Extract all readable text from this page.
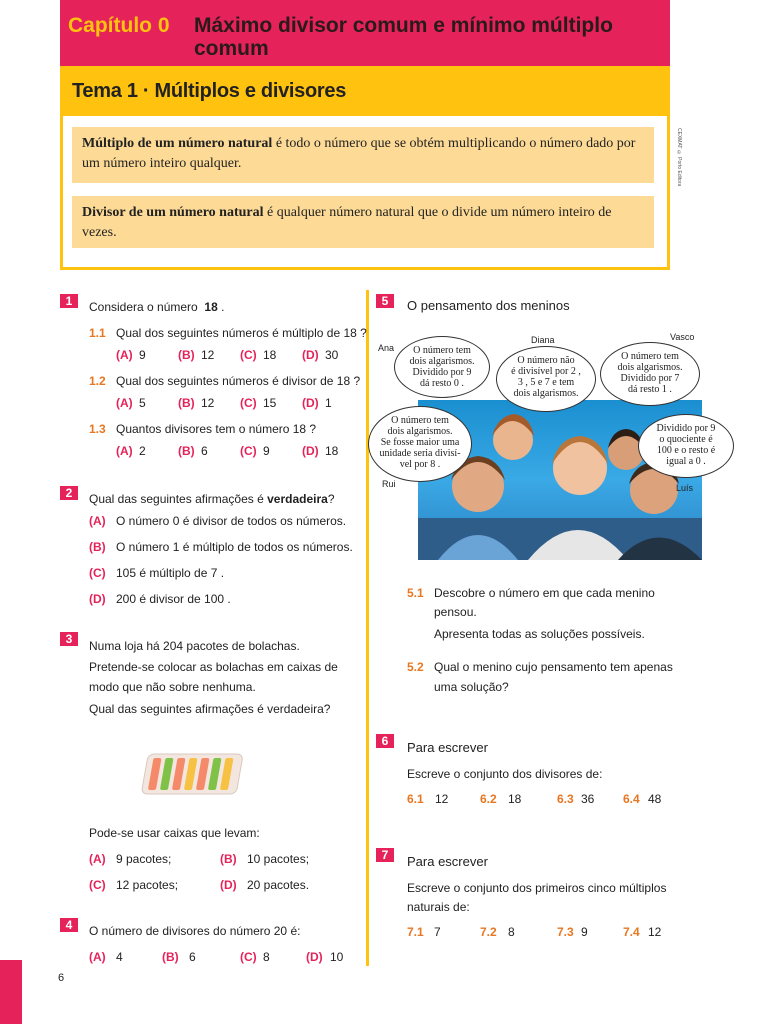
Capítulo 0 Máximo divisor comum e mínimo múltiplo comum
Tema 1 · Múltiplos e divisores
Múltiplo de um número natural é todo o número que se obtém multiplicando o número dado por um número inteiro qualquer.
Divisor de um número natural é qualquer número natural que o divide um número inteiro de vezes.
CEXMAT © Porto Editora
1	Considera o número 18 .
1.1 Qual dos seguintes números é múltiplo de 18 ?
(A) 9	(B) 12 (C) 18 (D) 30
1.2 Qual dos seguintes números é divisor de 18 ?
(A) 5	(B) 12 (C) 15 (D) 1
1.3 Quantos divisores tem o número 18 ?
(A) 2	(B) 6	(C) 9	(D) 18
2	Qual das seguintes afirmações é verdadeira?
(A) O número 0 é divisor de todos os números.
(B) O número 1 é múltiplo de todos os números.
(C) 105 é múltiplo de 7 .
(D) 200 é divisor de 100 .
3	Numa loja há 204 pacotes de bolachas.
Pretende-se colocar as bolachas em caixas de
modo que não sobre nenhuma.
Qual das seguintes afirmações é verdadeira?
Pode-se usar caixas que levam:
(A) 9 pacotes;	(B) 10 pacotes;
(C) 12 pacotes;	(D) 20 pacotes.
4	O número de divisores do número 20 é:
(A) 4	(B) 6	(C) 8	(D) 10
5	O pensamento dos meninos
Ana
Diana	Vasco
Rui	Luís
O número tem
dois algarismos.
Dividido por 9
dá resto 0 .
O número não
é divisível por 2 ,
3 , 5 e 7 e tem
dois algarismos.
O número tem
dois algarismos.
Dividido por 7
dá resto 1 .
O número tem
dois algarismos.
Se fosse maior uma
unidade seria divisí-
vel por 8 .
Dividido por 9
o quociente é
100 e o resto é
igual a 0 .
5.1 Descobre o número em que cada menino
pensou.
Apresenta todas as soluções possíveis.
5.2 Qual o menino cujo pensamento tem apenas
uma solução?
6	Para escrever
Escreve o conjunto dos divisores de:
6.1 12	6.2 18	6.3 36 6.4 48
7	Para escrever
Escreve o conjunto dos primeiros cinco múltiplos
naturais de:
7.1 7	7.2 8	7.3 9	7.4 12
6
